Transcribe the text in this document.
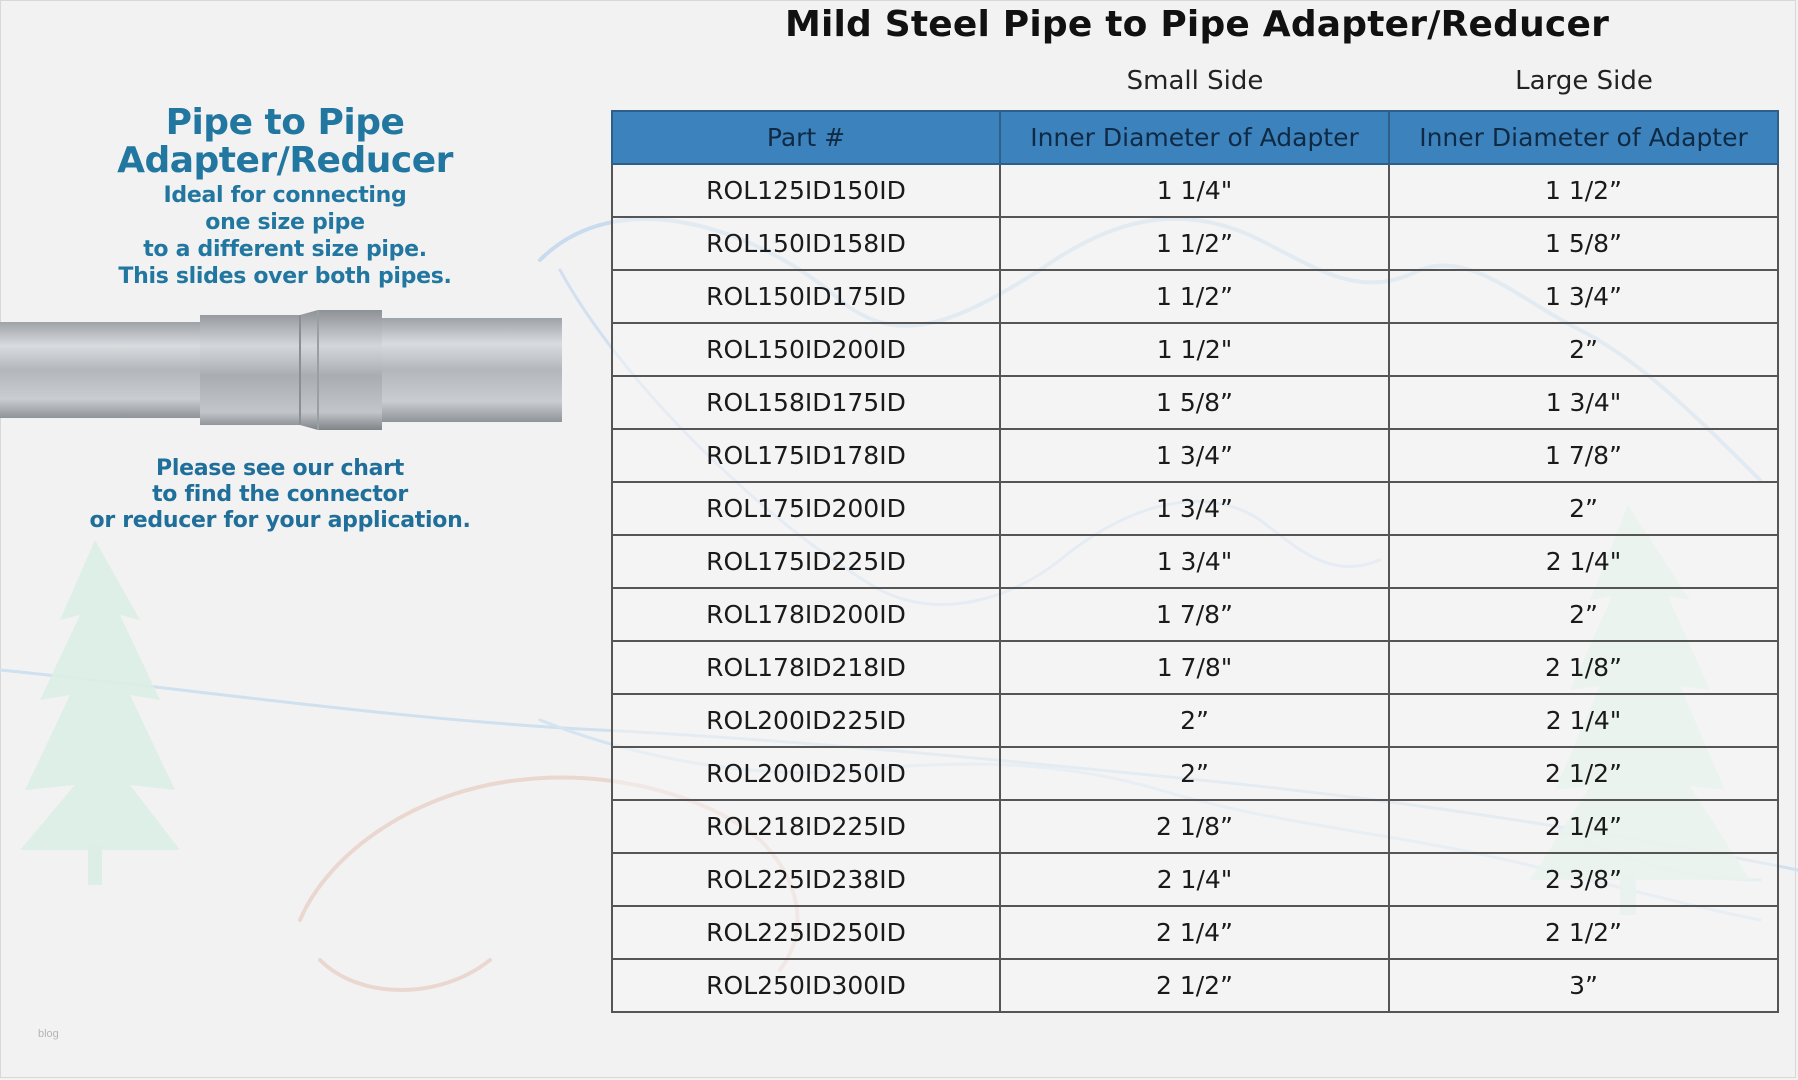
Mild Steel Pipe to Pipe Adapter/Reducer
Small Side	Large Side
Pipe to Pipe
Adapter/Reducer
Ideal for connecting
one size pipe
to a different size pipe.
This slides over both pipes.
Please see our chart
to find the connector
or reducer for your application.
blog
Part #	Inner Diameter of Adapter	Inner Diameter of Adapter
ROL125ID150ID	1 1/4"	1 1/2”
ROL150ID158ID	1 1/2”	1 5/8”
ROL150ID175ID	1 1/2”	1 3/4”
ROL150ID200ID	1 1/2"	2”
ROL158ID175ID	1 5/8”	1 3/4"
ROL175ID178ID	1 3/4”	1 7/8”
ROL175ID200ID	1 3/4”	2”
ROL175ID225ID	1 3/4"	2 1/4"
ROL178ID200ID	1 7/8”	2”
ROL178ID218ID	1 7/8"	2 1/8”
ROL200ID225ID	2”	2 1/4"
ROL200ID250ID	2”	2 1/2”
ROL218ID225ID	2 1/8”	2 1/4”
ROL225ID238ID	2 1/4"	2 3/8”
ROL225ID250ID	2 1/4”	2 1/2”
ROL250ID300ID	2 1/2”	3”
